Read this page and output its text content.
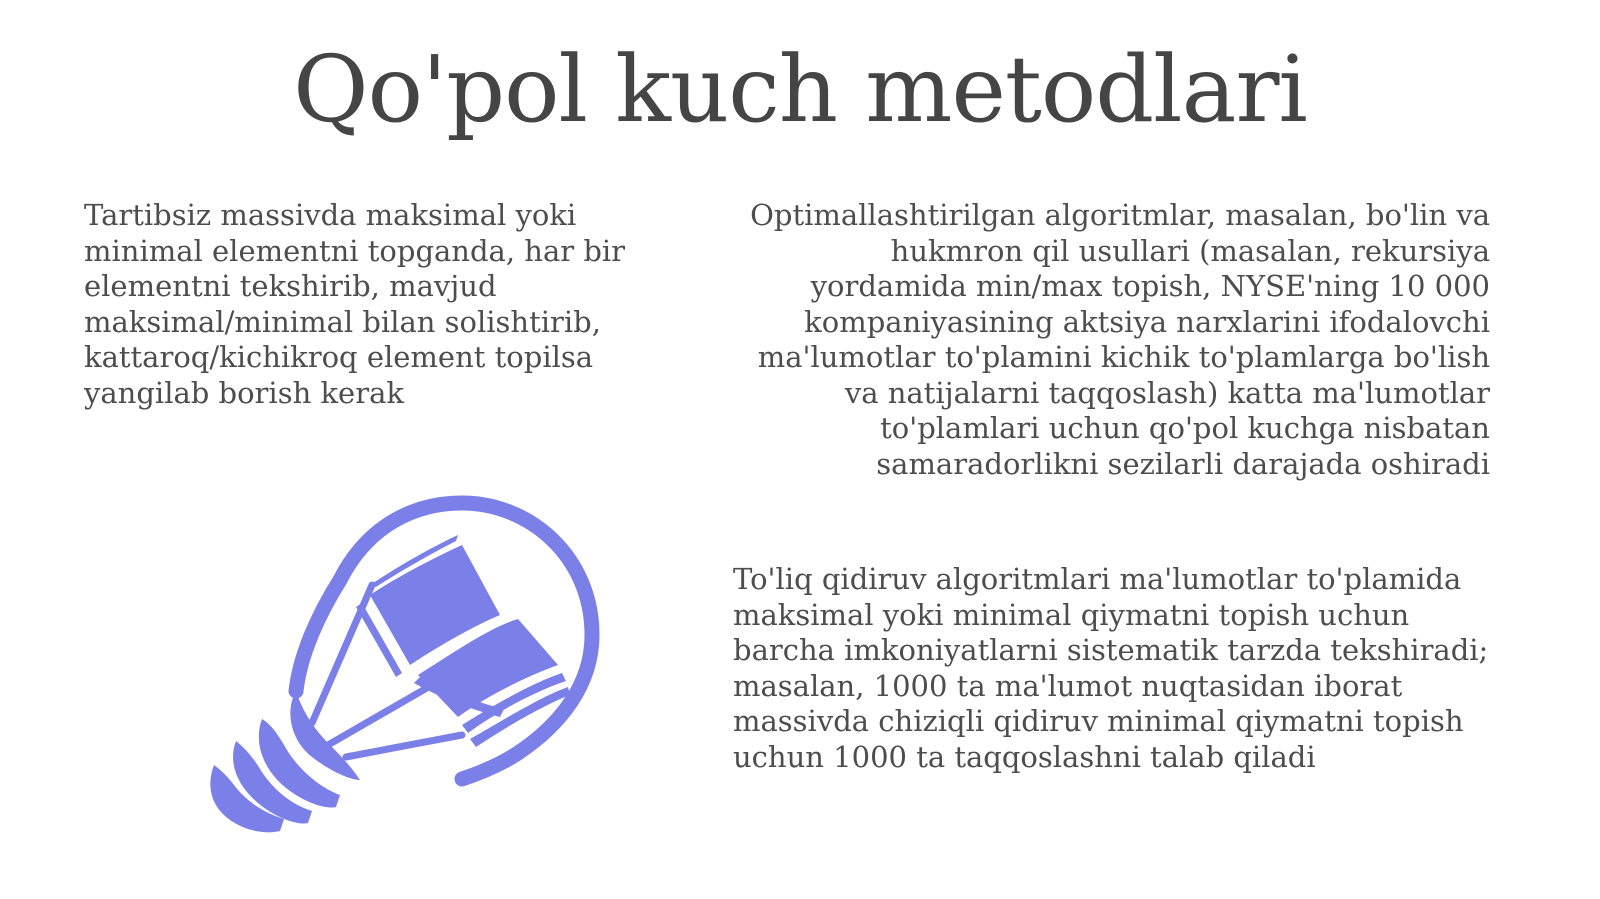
Qo'pol kuch metodlari

Tartibsiz massivda maksimal yoki minimal elementni topganda, har bir elementni tekshirib, mavjud maksimal/minimal bilan solishtirib, kattaroq/kichikroq element topilsa yangilab borish kerak

Optimallashtirilgan algoritmlar, masalan, bo'lin va hukmron qil usullari (masalan, rekursiya yordamida min/max topish, NYSE'ning 10 000 kompaniyasining aktsiya narxlarini ifodalovchi ma'lumotlar to'plamini kichik to'plamlarga bo'lish va natijalarni taqqoslash) katta ma'lumotlar to'plamlari uchun qo'pol kuchga nisbatan samaradorlikni sezilarli darajada oshiradi

To'liq qidiruv algoritmlari ma'lumotlar to'plamida maksimal yoki minimal qiymatni topish uchun barcha imkoniyatlarni sistematik tarzda tekshiradi; masalan, 1000 ta ma'lumot nuqtasidan iborat massivda chiziqli qidiruv minimal qiymatni topish uchun 1000 ta taqqoslashni talab qiladi
